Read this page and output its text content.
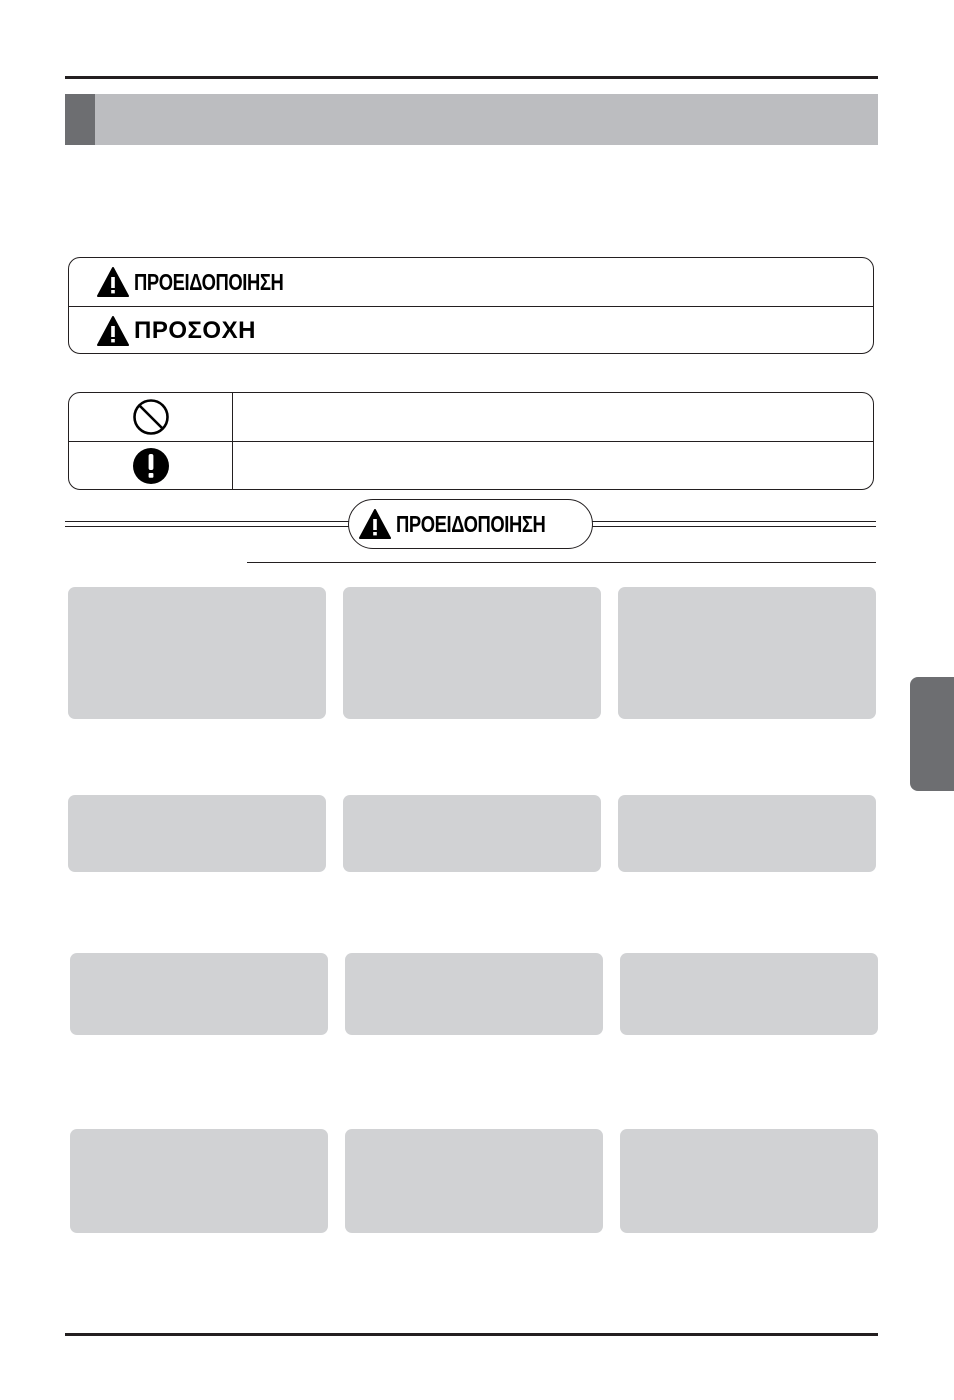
ΠΡΟΕΙΔΟΠΟΙΗΣΗ
ΠΡΟΣΟΧΗ
ΠΡΟΕΙΔΟΠΟΙΗΣΗ
